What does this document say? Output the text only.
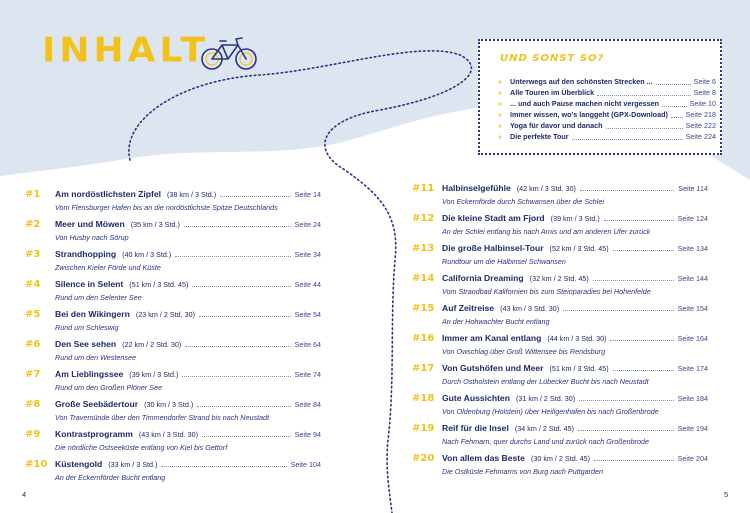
INHALT	UND SONST SO?
»	Unterwegs auf den schönsten Strecken ...	Seite 6
»	Alle Touren im Überblick	Seite 8
»	... und auch Pause machen nicht vergessen	Seite 10
»	Immer wissen, wo's langgeht (GPX-Download) Seite 218
»	Yoga für davor und danach	Seite 222
»	Die perfekte Tour	Seite 224
#1	Am nordöstlichsten Zipfel (38 km / 3 Std.)	Seite 14
Vom Flensburger Hafen bis an die nordöstlichste Spitze Deutschlands
#2	Meer und Möwen (35 km / 3 Std.)	Seite 24
Von Husby nach Sörup
#3	Strandhopping (40 km / 3 Std.)	Seite 34
Zwischen Kieler Förde und Küste
#4	Silence in Selent (51 km / 3 Std. 45)	Seite 44
Rund um den Selenter See
#5	Bei den Wikingern (23 km / 2 Std. 30)	Seite 54
Rund um Schleswig
#6	Den See sehen (22 km / 2 Std. 30)	Seite 64
Rund um den Westensee
#7	Am Lieblingssee (39 km / 3 Std.)	Seite 74
Rund um den Großen Plöner See
#8	Große Seebädertour (30 km / 3 Std.)	Seite 84
Von Travemünde über den Timmendorfer Strand bis nach Neustadt
#9	Kontrastprogramm (43 km / 3 Std. 30)	Seite 94
Die nördliche Ostseeküste entlang von Kiel bis Gettorf
#10 Küstengold (33 km / 3 Std.)	Seite 104
An der Eckernförder Bucht entlang
#11 Halbinselgefühle (42 km / 3 Std. 30)	Seite 114
Von Eckernförde durch Schwansen über die Schlei
#12 Die kleine Stadt am Fjord (39 km / 3 Std.)	Seite 124
An der Schlei entlang bis nach Arnis und am anderen Ufer zurück
#13 Die große Halbinsel-Tour (52 km / 3 Std. 45)	Seite 134
Rundtour um die Halbinsel Schwansen
#14 California Dreaming (32 km / 2 Std. 45)	Seite 144
Vom Strandbad Kalifornien bis zum Steinparadies bei Hohenfelde
#15 Auf Zeitreise (43 km / 3 Std. 30)	Seite 154
An der Hohwachter Bucht entlang
#16 Immer am Kanal entlang (44 km / 3 Std. 30)	Seite 164
Von Owschlag über Groß Wittensee bis Rendsburg
#17 Von Gutshöfen und Meer (51 km / 3 Std. 45)	Seite 174
Durch Ostholstein entlang der Lübecker Bucht bis nach Neustadt
#18 Gute Aussichten (31 km / 2 Std. 30)	Seite 184
Von Oldenburg (Holstein) über Heiligenhafen bis nach Großenbrode
#19 Reif für die Insel (34 km / 2 Std. 45)	Seite 194
Nach Fehmarn, quer durchs Land und zurück nach Großenbrode
#20 Von allem das Beste (30 km / 2 Std. 45)	Seite 204
Die Ostküste Fehmarns von Burg nach Puttgarden
4	5
